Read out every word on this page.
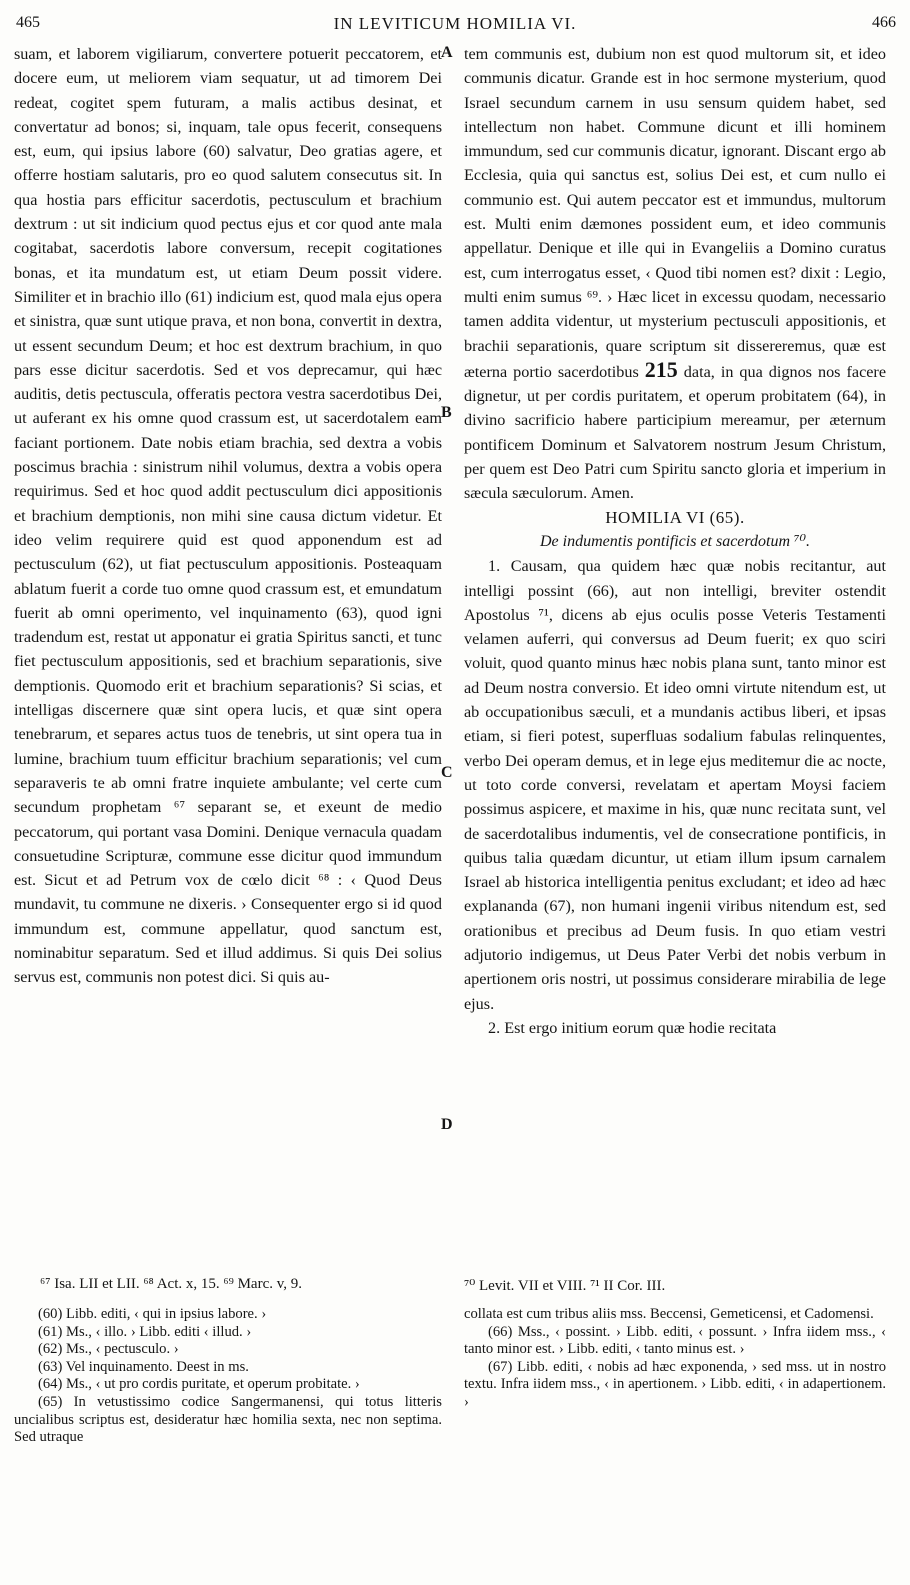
465	IN LEVITICUM HOMILIA VI.	466

suam, et laborem vigiliarum, convertere potuerit peccatorem, et docere eum, ut meliorem viam sequatur, ut ad timorem Dei redeat, cogitet spem futuram, a malis actibus desinat, et convertatur ad bonos; si, inquam, tale opus fecerit, consequens est, eum, qui ipsius labore (60) salvatur, Deo gratias agere, et offerre hostiam salutaris, pro eo quod salutem consecutus sit. In qua hostia pars efficitur sacerdotis, pectusculum et brachium dextrum : ut sit indicium quod pectus ejus et cor quod ante mala cogitabat, sacerdotis labore conversum, recepit cogitationes bonas, et ita mundatum est, ut etiam Deum possit videre. Similiter et in brachio illo (61) indicium est, quod mala ejus opera et sinistra, quæ sunt utique prava, et non bona, convertit in dextra, ut essent secundum Deum; et hoc est dextrum brachium, in quo pars esse dicitur sacerdotis. Sed et vos deprecamur, qui hæc auditis, detis pectuscula, offeratis pectora vestra sacerdotibus Dei, ut auferant ex his omne quod crassum est, ut sacerdotalem eam faciant portionem. Date nobis etiam brachia, sed dextra a vobis poscimus brachia : sinistrum nihil volumus, dextra a vobis opera requirimus. Sed et hoc quod addit pectusculum dici appositionis et brachium demptionis, non mihi sine causa dictum videtur. Et ideo velim requirere quid est quod apponendum est ad pectusculum (62), ut fiat pectusculum appositionis. Posteaquam ablatum fuerit a corde tuo omne quod crassum est, et emundatum fuerit ab omni operimento, vel inquinamento (63), quod igni tradendum est, restat ut apponatur ei gratia Spiritus sancti, et tunc fiet pectusculum appositionis, sed et brachium separationis, sive demptionis. Quomodo erit et brachium separationis? Si scias, et intelligas discernere quæ sint opera lucis, et quæ sint opera tenebrarum, et separes actus tuos de tenebris, ut sint opera tua in lumine, brachium tuum efficitur brachium separationis; vel cum separaveris te ab omni fratre inquiete ambulante; vel certe cum secundum prophetam ⁶⁷ separant se, et exeunt de medio peccatorum, qui portant vasa Domini. Denique vernacula quadam consuetudine Scripturæ, commune esse dicitur quod immundum est. Sicut et ad Petrum vox de cœlo dicit ⁶⁸ : ‹ Quod Deus mundavit, tu commune ne dixeris. › Consequenter ergo si id quod immundum est, commune appellatur, quod sanctum est, nominabitur separatum. Sed et illud addimus. Si quis Dei solius servus est, communis non potest dici. Si quis au-

A
B
C
D

tem communis est, dubium non est quod multorum sit, et ideo communis dicatur. Grande est in hoc sermone mysterium, quod Israel secundum carnem in usu sensum quidem habet, sed intellectum non habet. Commune dicunt et illi hominem immundum, sed cur communis dicatur, ignorant. Discant ergo ab Ecclesia, quia qui sanctus est, solius Dei est, et cum nullo ei communio est. Qui autem peccator est et immundus, multorum est. Multi enim dæmones possident eum, et ideo communis appellatur. Denique et ille qui in Evangeliis a Domino curatus est, cum interrogatus esset, ‹ Quod tibi nomen est? dixit : Legio, multi enim sumus ⁶⁹. › Hæc licet in excessu quodam, necessario tamen addita videntur, ut mysterium pectusculi appositionis, et brachii separationis, quare scriptum sit dissereremus, quæ est æterna portio sacerdotibus 215 data, in qua dignos nos facere dignetur, ut per cordis puritatem, et operum probitatem (64), in divino sacrificio habere participium mereamur, per æternum pontificem Dominum et Salvatorem nostrum Jesum Christum, per quem est Deo Patri cum Spiritu sancto gloria et imperium in sæcula sæculorum. Amen.

HOMILIA VI (65).

De indumentis pontificis et sacerdotum ⁷⁰.

1. Causam, qua quidem hæc quæ nobis recitantur, aut intelligi possint (66), aut non intelligi, breviter ostendit Apostolus ⁷¹, dicens ab ejus oculis posse Veteris Testamenti velamen auferri, qui conversus ad Deum fuerit; ex quo sciri voluit, quod quanto minus hæc nobis plana sunt, tanto minor est ad Deum nostra conversio. Et ideo omni virtute nitendum est, ut ab occupationibus sæculi, et a mundanis actibus liberi, et ipsas etiam, si fieri potest, superfluas sodalium fabulas relinquentes, verbo Dei operam demus, et in lege ejus meditemur die ac nocte, ut toto corde conversi, revelatam et apertam Moysi faciem possimus aspicere, et maxime in his, quæ nunc recitata sunt, vel de sacerdotalibus indumentis, vel de consecratione pontificis, in quibus talia quædam dicuntur, ut etiam illum ipsum carnalem Israel ab historica intelligentia penitus excludant; et ideo ad hæc explananda (67), non humani ingenii viribus nitendum est, sed orationibus et precibus ad Deum fusis. In quo etiam vestri adjutorio indigemus, ut Deus Pater Verbi det nobis verbum in apertionem oris nostri, ut possimus considerare mirabilia de lege ejus.

2. Est ergo initium eorum quæ hodie recitata

⁶⁷ Isa. LII et LII. ⁶⁸ Act. x, 15. ⁶⁹ Marc. v, 9.	⁷⁰ Levit. VII et VIII. ⁷¹ II Cor. III.

(60) Libb. editi, ‹ qui in ipsius labore. ›

(61) Ms., ‹ illo. › Libb. editi ‹ illud. ›

(62) Ms., ‹ pectusculo. ›

(63) Vel inquinamento. Deest in ms.

(64) Ms., ‹ ut pro cordis puritate, et operum probitate. ›

(65) In vetustissimo codice Sangermanensi, qui totus litteris uncialibus scriptus est, desideratur hæc homilia sexta, nec non septima. Sed utraque

collata est cum tribus aliis mss. Beccensi, Gemeticensi, et Cadomensi.

(66) Mss., ‹ possint. › Libb. editi, ‹ possunt. › Infra iidem mss., ‹ tanto minor est. › Libb. editi, ‹ tanto minus est. ›

(67) Libb. editi, ‹ nobis ad hæc exponenda, › sed mss. ut in nostro textu. Infra iidem mss., ‹ in apertionem. › Libb. editi, ‹ in adapertionem. ›
